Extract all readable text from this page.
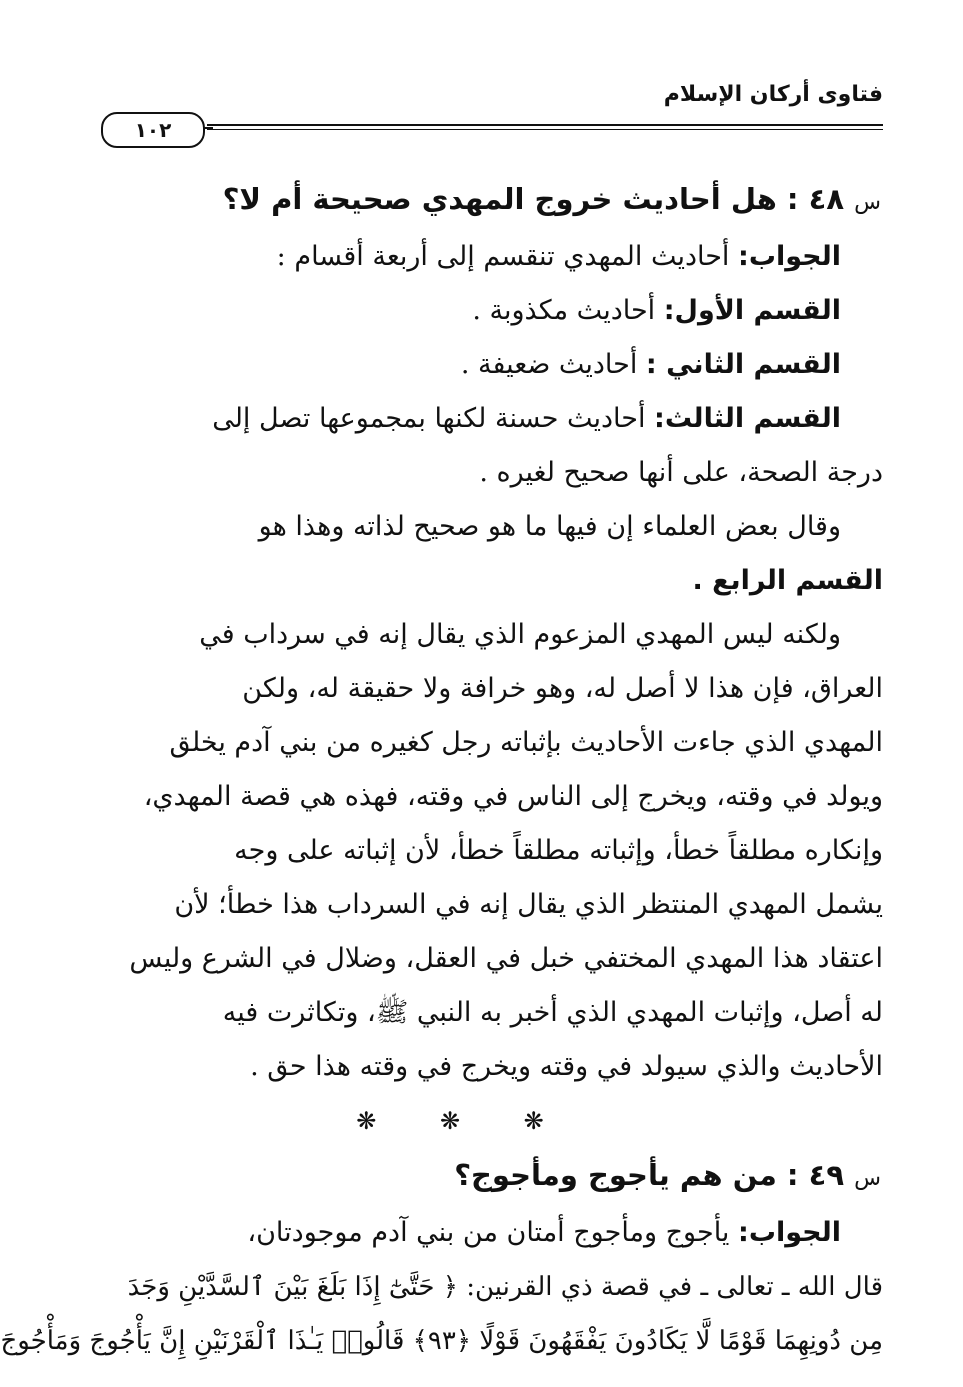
فتاوى أركان الإسلام
١٠٢
س ٤٨ : هل أحاديث خروج المهدي صحيحة أم لا؟
الجواب: أحاديث المهدي تنقسم إلى أربعة أقسام :
القسم الأول: أحاديث مكذوبة .
القسم الثاني : أحاديث ضعيفة .
القسم الثالث: أحاديث حسنة لكنها بمجموعها تصل إلى
درجة الصحة، على أنها صحيح لغيره .
وقال بعض العلماء إن فيها ما هو صحيح لذاته وهذا هو
القسم الرابع .
ولكنه ليس المهدي المزعوم الذي يقال إنه في سرداب في
العراق، فإن هذا لا أصل له، وهو خرافة ولا حقيقة له، ولكن
المهدي الذي جاءت الأحاديث بإثباته رجل كغيره من بني آدم يخلق
ويولد في وقته، ويخرج إلى الناس في وقته، فهذه هي قصة المهدي،
وإنكاره مطلقاً خطأ، وإثباته مطلقاً خطأ، لأن إثباته على وجه
يشمل المهدي المنتظر الذي يقال إنه في السرداب هذا خطأ؛ لأن
اعتقاد هذا المهدي المختفي خبل في العقل، وضلال في الشرع وليس
له أصل، وإثبات المهدي الذي أخبر به النبي ﷺ، وتكاثرت فيه
الأحاديث والذي سيولد في وقته ويخرج في وقته هذا حق .
❋ ❋ ❋
س ٤٩ : من هم يأجوج ومأجوج؟
الجواب: يأجوج ومأجوج أمتان من بني آدم موجودتان،
قال الله ـ تعالى ـ في قصة ذي القرنين: ﴿ حَتَّىٰٓ إِذَا بَلَغَ بَيْنَ ٱلسَّدَّيْنِ وَجَدَ
مِن دُونِهِمَا قَوْمًا لَّا يَكَادُونَ يَفْقَهُونَ قَوْلًا ﴿٩٣﴾ قَالُوا۟ يَـٰذَا ٱلْقَرْنَيْنِ إِنَّ يَأْجُوجَ وَمَأْجُوجَ
